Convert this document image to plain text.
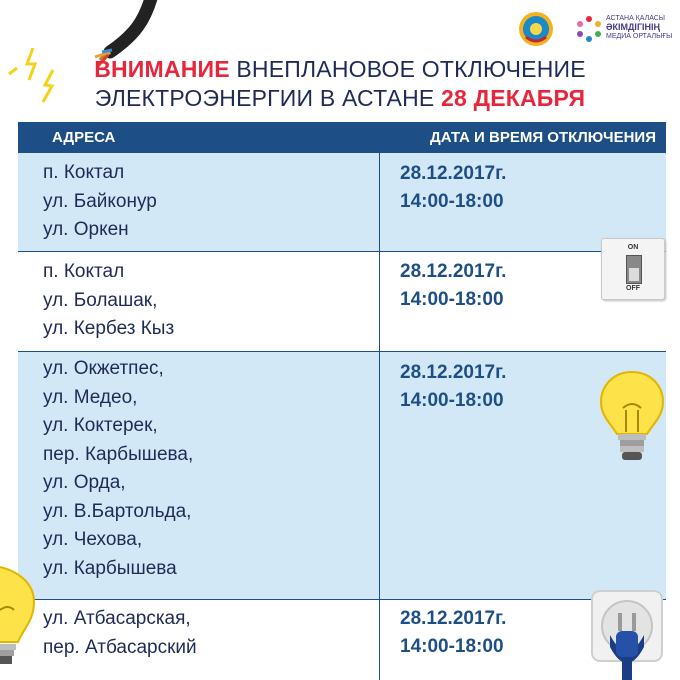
АСТАНА ҚАЛАСЫ
ӘКІМДІГІНІҢ
МЕДИА ОРТАЛЫҒЫ
ВНИМАНИЕ ВНЕПЛАНОВОЕ ОТКЛЮЧЕНИЕ
ЭЛЕКТРОЭНЕРГИИ В АСТАНЕ 28 ДЕКАБРЯ
АДРЕСА	ДАТА И ВРЕМЯ ОТКЛЮЧЕНИЯ
п. Коктал
ул. Байконур
ул. Оркен
28.12.2017г.
14:00-18:00
п. Коктал
ул. Болашак,
ул. Кербез Кыз
28.12.2017г.
14:00-18:00
ул. Окжетпес,
ул. Медео,
ул. Коктерек,
пер. Карбышева,
ул. Орда,
ул. В.Бартольда,
ул. Чехова,
ул. Карбышева
28.12.2017г.
14:00-18:00
ул. Атбасарская,
пер. Атбасарский
28.12.2017г.
14:00-18:00
ON
OFF
